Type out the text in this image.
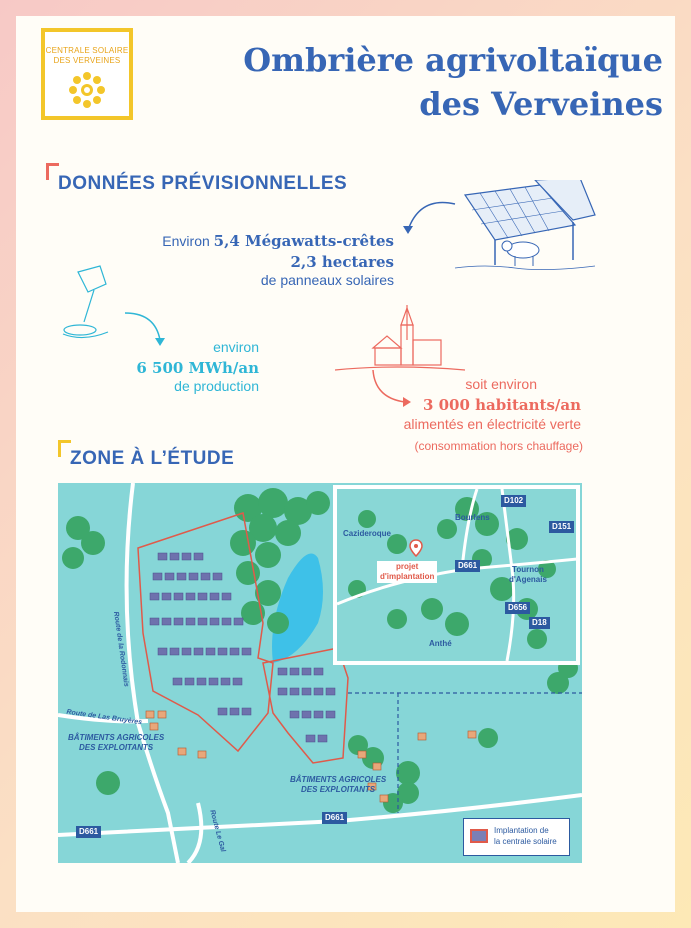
CENTRALE SOLAIRE
DES VERVEINES	Ombrière agrivoltaïque
des Verveines
DONNÉES PRÉVISIONNELLES
Environ 5,4 Mégawatts-crêtes
2,3 hectares
de panneaux solaires
environ
6 500 MWh/an
de production	soit environ
3 000 habitants/an
alimentés en électricité verte
(consommation hors chauffage)
ZONE À L’ÉTUDE
Route de la Rodonnais
Route de Las Bruyères
Route Le Gal
BÂTIMENTS AGRICOLES
DES EXPLOITANTS
BÂTIMENTS AGRICOLES
DES EXPLOITANTS
D661
D661
D102
D151
D661
D656
D18
Bourlens
Cazideroque
Tournon
d'Agenais
Anthé
projet
d'implantation
Implantation de
la centrale solaire
